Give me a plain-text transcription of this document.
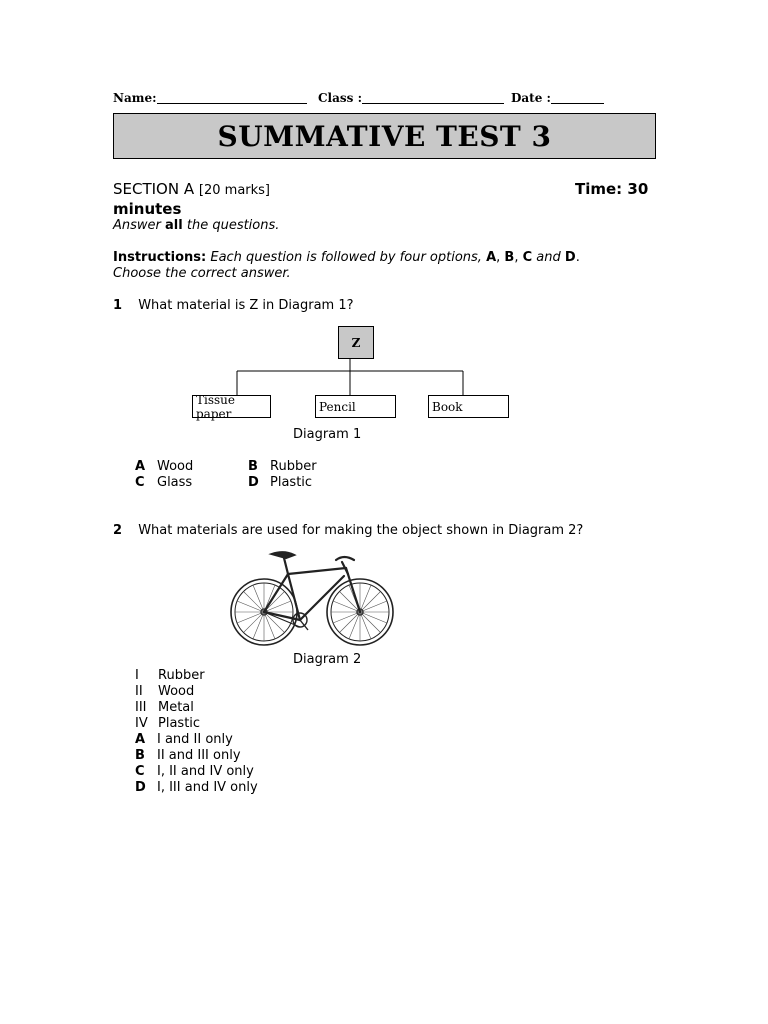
Name:	Class :	Date :
SUMMATIVE TEST 3
SECTION A [20 marks]	Time: 30
minutes
Answer all the questions.
Instructions: Each question is followed by four options, A, B, C and D.
Choose the correct answer.
1 What material is Z in Diagram 1?
Z
Tissue paper	Pencil	Book
Diagram 1
A Wood	B Rubber
C Glass	D Plastic
2 What materials are used for making the object shown in Diagram 2?
Diagram 2
I Rubber
II Wood
III Metal
IV Plastic
A I and II only
B II and III only
C I, II and IV only
D I, III and IV only
